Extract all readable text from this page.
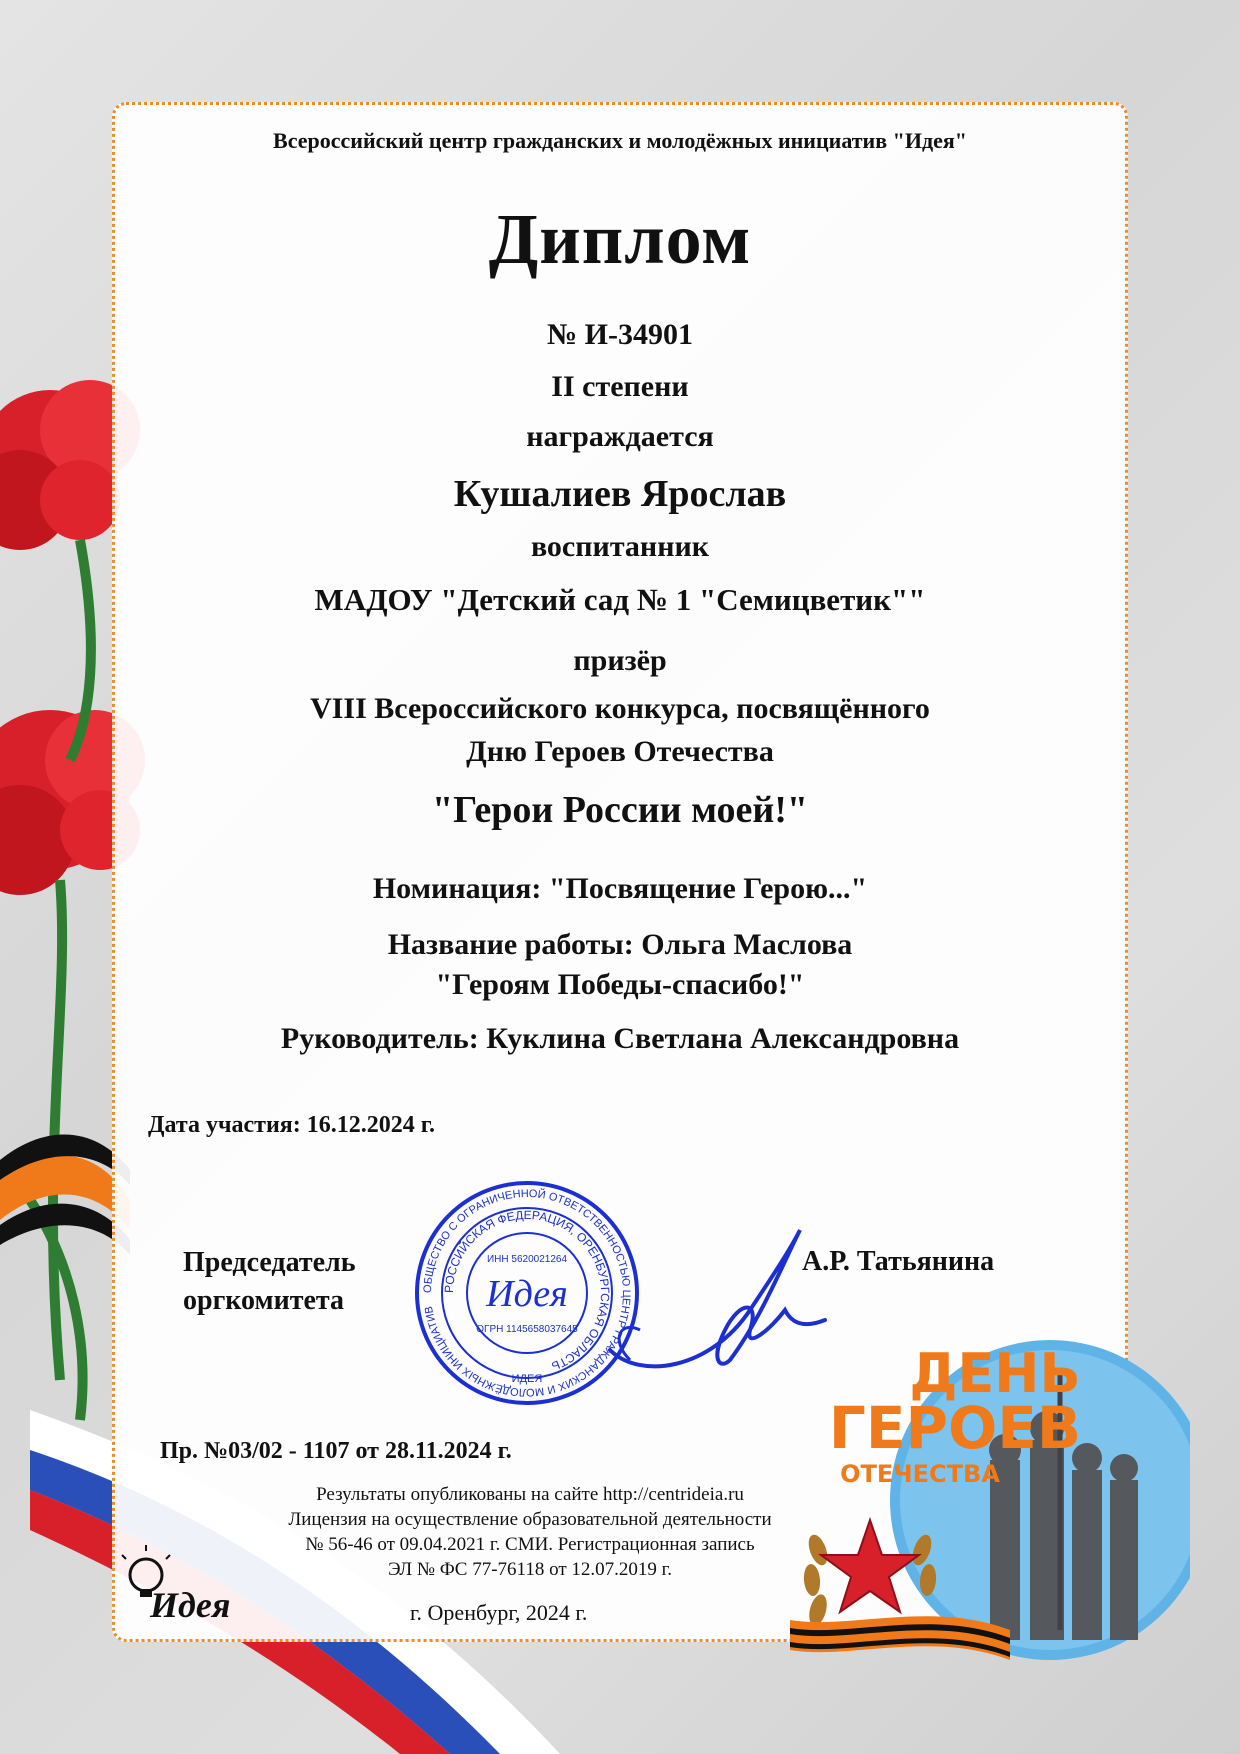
Всероссийский центр гражданских и молодёжных инициатив "Идея"
Диплом
№ И-34901
II степени
награждается
Кушалиев Ярослав
воспитанник
МАДОУ "Детский сад № 1 "Семицветик""
призёр
VIII Всероссийского конкурса, посвящённого
Дню Героев Отечества
"Герои России моей!"
Номинация: "Посвящение Герою..."
Название работы: Ольга Маслова
"Героям Победы-спасибо!"
Руководитель: Куклина Светлана Александровна
Дата участия: 16.12.2024 г.
Председатель
оргкомитета	ОБЩЕСТВО С ОГРАНИЧЕННОЙ ОТВЕТСТВЕННОСТЬЮ ЦЕНТР ГРАЖДАНСКИХ И МОЛОДЁЖНЫХ ИНИЦИАТИВ
РОССИЙСКАЯ ФЕДЕРАЦИЯ, ОРЕНБУРГСКАЯ ОБЛАСТЬ
ИНН 5620021264
Идея
ОГРН 1145658037645
ИДЕЯ
А.Р. Татьянина
Пр. №03/02 - 1107 от 28.11.2024 г.
Результаты опубликованы на сайте http://centrideia.ru
Лицензия на осуществление образовательной деятельности
№ 56-46 от 09.04.2021 г. СМИ. Регистрационная запись
ЭЛ № ФС 77-76118 от 12.07.2019 г.
г. Оренбург, 2024 г.
Идея
ДЕНЬ
ГЕРОЕВ
ОТЕЧЕСТВА
